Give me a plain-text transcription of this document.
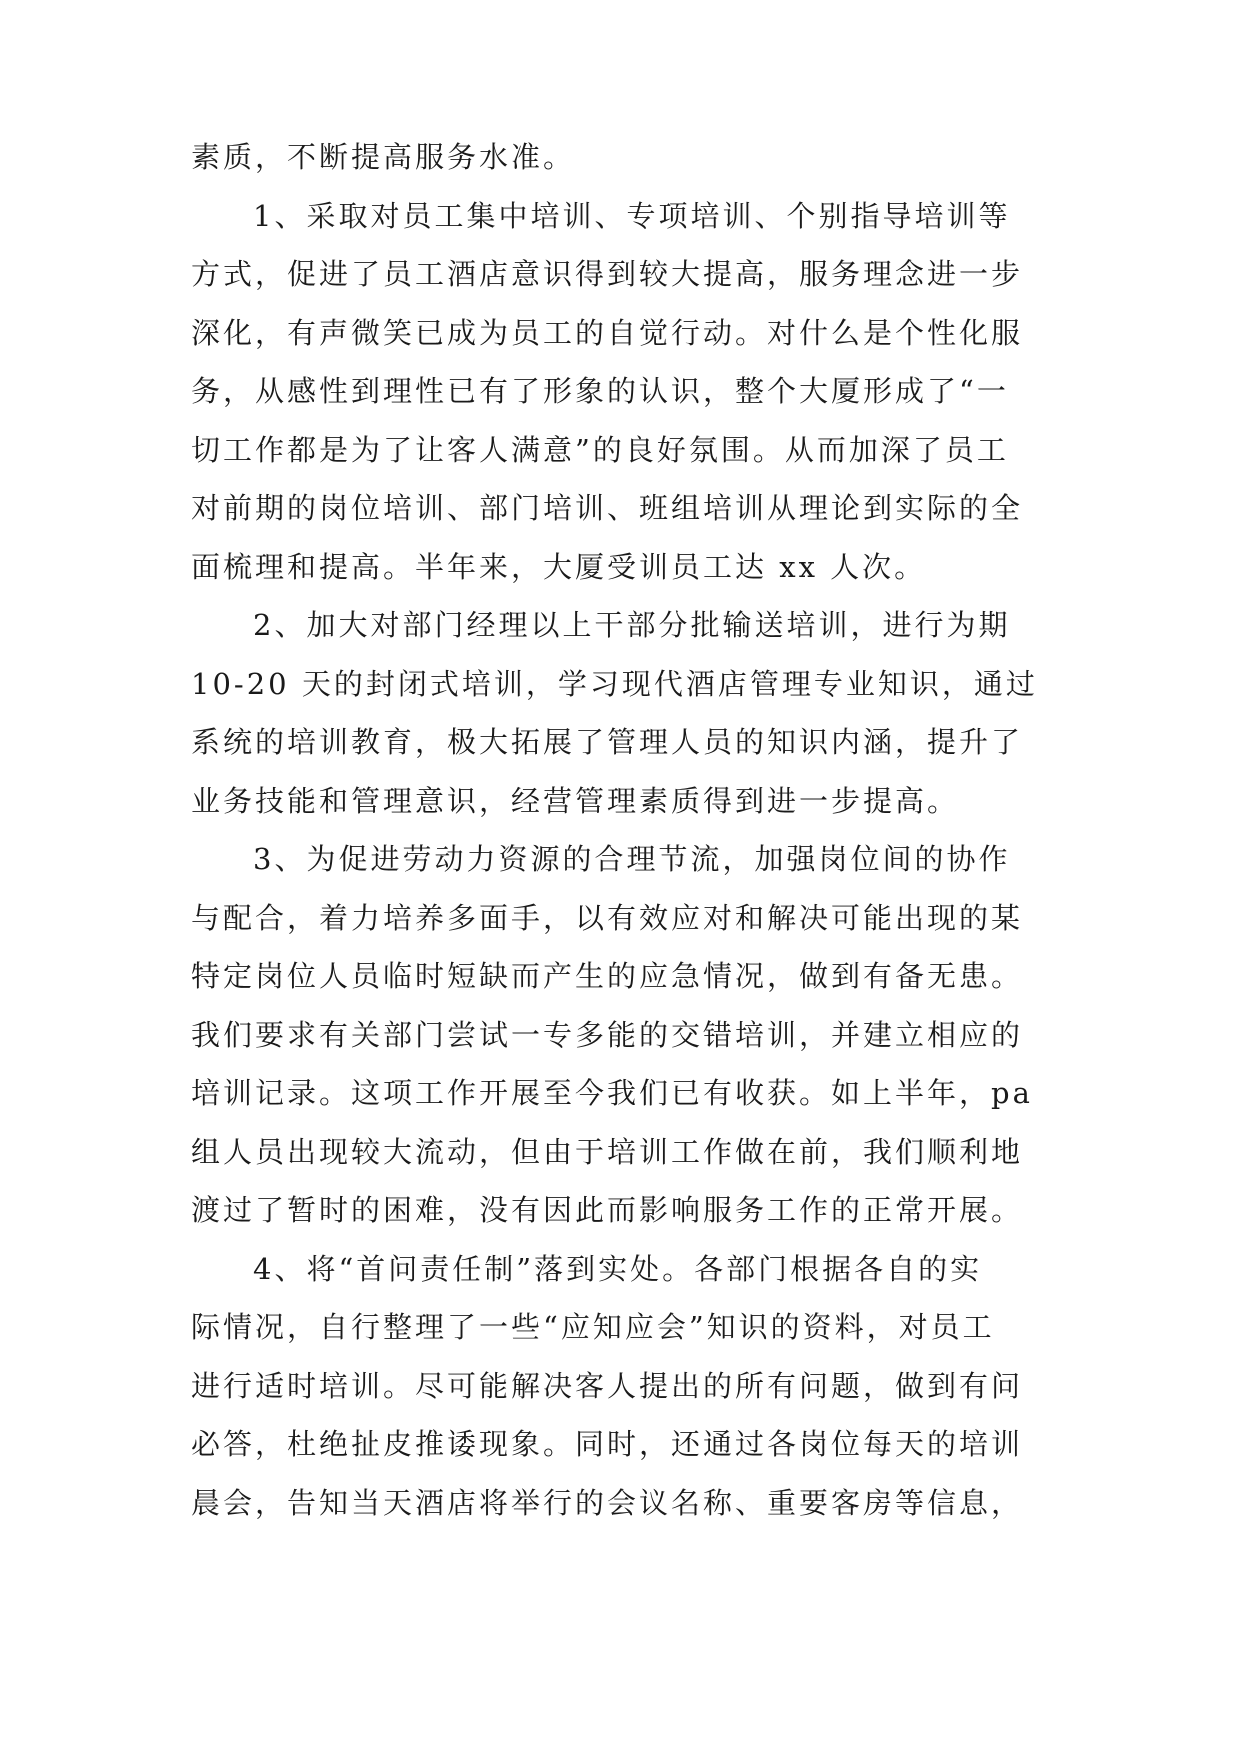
素质，不断提高服务水准。
1、采取对员工集中培训、专项培训、个别指导培训等
方式，促进了员工酒店意识得到较大提高，服务理念进一步
深化，有声微笑已成为员工的自觉行动。对什么是个性化服
务，从感性到理性已有了形象的认识，整个大厦形成了“一
切工作都是为了让客人满意”的良好氛围。从而加深了员工
对前期的岗位培训、部门培训、班组培训从理论到实际的全
面梳理和提高。半年来，大厦受训员工达 xx 人次。
2、加大对部门经理以上干部分批输送培训，进行为期
10-20 天的封闭式培训，学习现代酒店管理专业知识，通过
系统的培训教育，极大拓展了管理人员的知识内涵，提升了
业务技能和管理意识，经营管理素质得到进一步提高。
3、为促进劳动力资源的合理节流，加强岗位间的协作
与配合，着力培养多面手，以有效应对和解决可能出现的某
特定岗位人员临时短缺而产生的应急情况，做到有备无患。
我们要求有关部门尝试一专多能的交错培训，并建立相应的
培训记录。这项工作开展至今我们已有收获。如上半年，pa
组人员出现较大流动，但由于培训工作做在前，我们顺利地
渡过了暂时的困难，没有因此而影响服务工作的正常开展。
4、将“首问责任制”落到实处。各部门根据各自的实
际情况，自行整理了一些“应知应会”知识的资料，对员工
进行适时培训。尽可能解决客人提出的所有问题，做到有问
必答，杜绝扯皮推诿现象。同时，还通过各岗位每天的培训
晨会，告知当天酒店将举行的会议名称、重要客房等信息，
